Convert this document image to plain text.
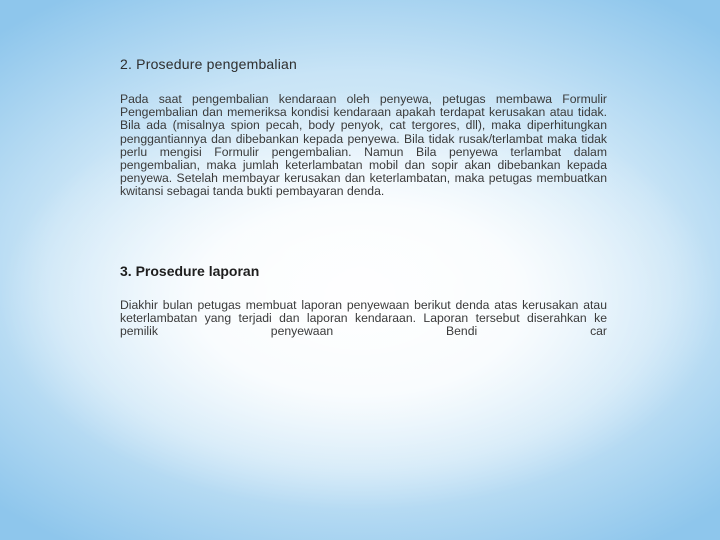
2. Prosedure pengembalian

Pada saat pengembalian kendaraan oleh penyewa, petugas membawa Formulir Pengembalian dan memeriksa kondisi kendaraan apakah terdapat kerusakan atau tidak. Bila ada (misalnya spion pecah, body penyok, cat tergores, dll), maka diperhitungkan penggantiannya dan dibebankan kepada penyewa. Bila tidak rusak/terlambat maka tidak perlu mengisi Formulir pengembalian. Namun Bila penyewa terlambat dalam pengembalian, maka jumlah keterlambatan mobil dan sopir akan dibebankan kepada penyewa. Setelah membayar kerusakan dan keterlambatan, maka petugas membuatkan kwitansi sebagai tanda bukti pembayaran denda.

3. Prosedure laporan

Diakhir bulan petugas membuat laporan penyewaan berikut denda atas kerusakan atau keterlambatan yang terjadi dan laporan kendaraan. Laporan tersebut diserahkan ke pemilik penyewaan Bendi car
